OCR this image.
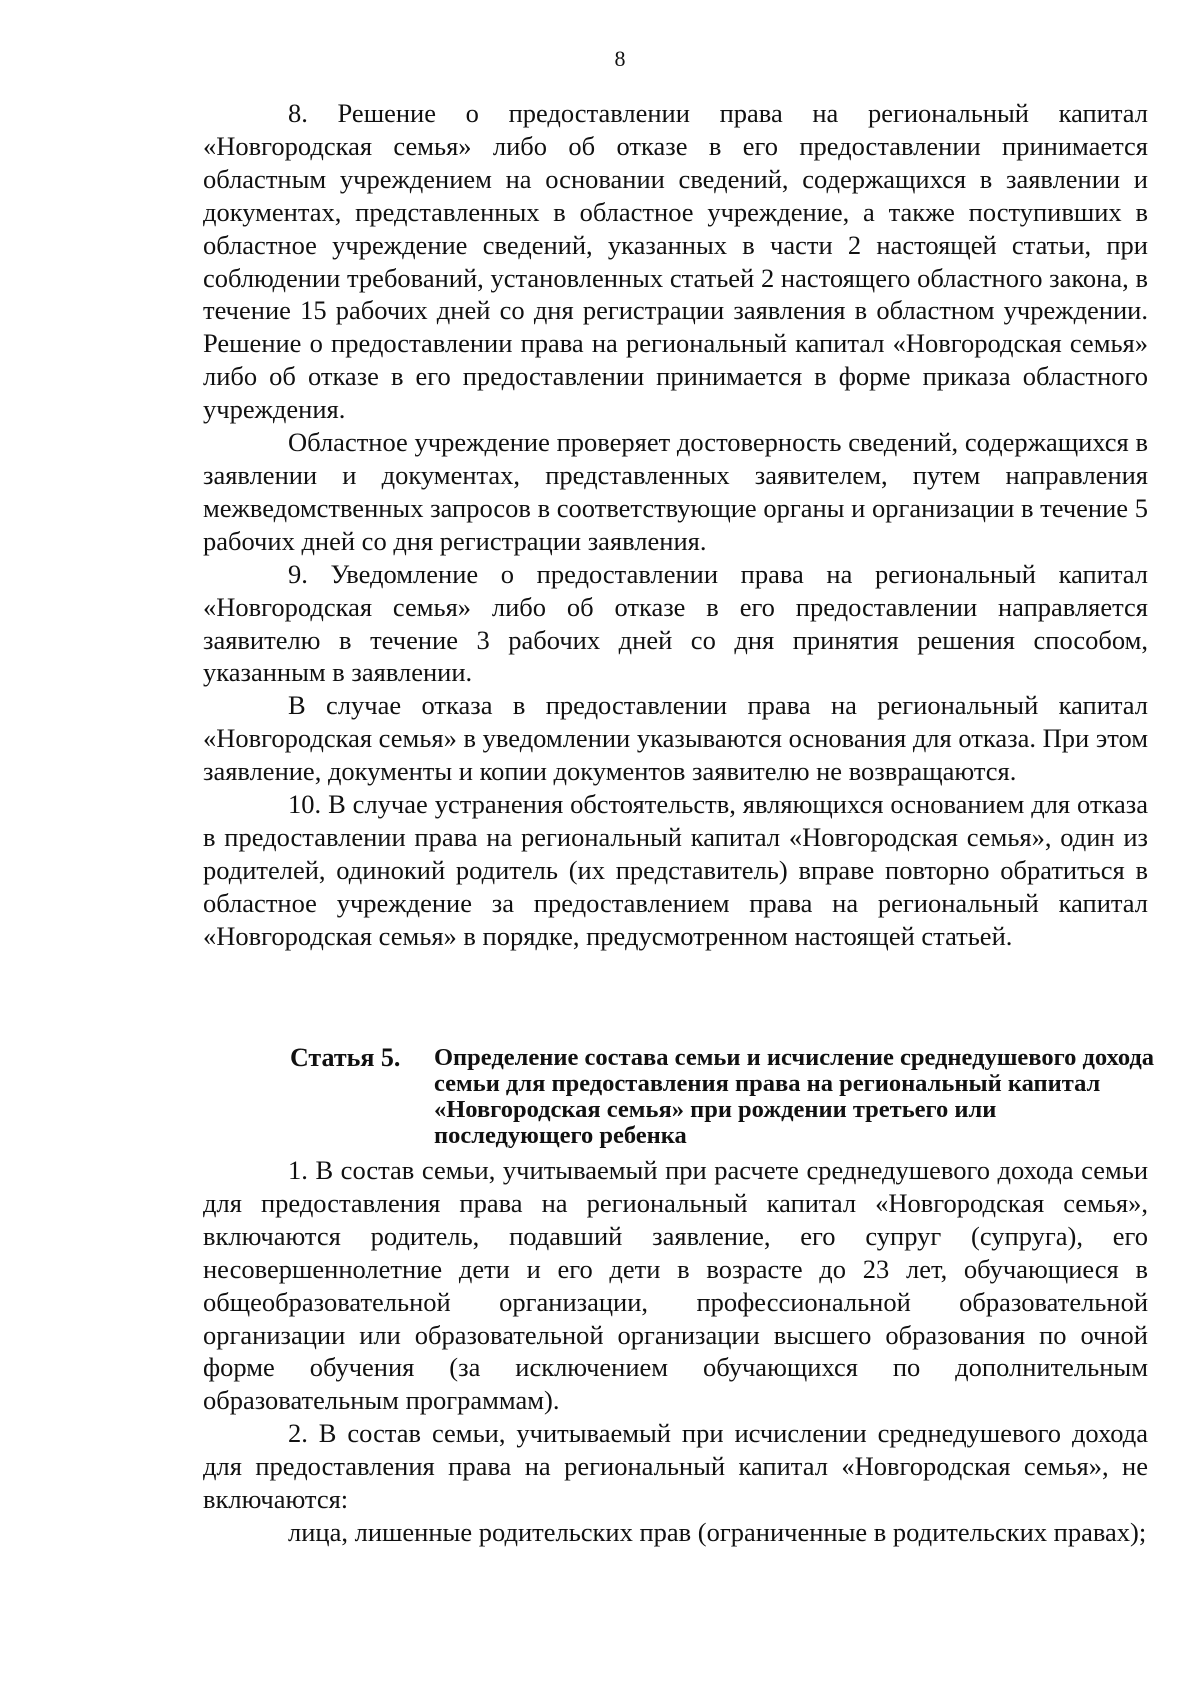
8

8. Решение о предоставлении права на региональный капитал «Новгородская семья» либо об отказе в его предоставлении принимается областным учреждением на основании сведений, содержащихся в заявлении и документах, представленных в областное учреждение, а также поступивших в областное учреждение сведений, указанных в части 2 настоящей статьи, при соблюдении требований, установленных статьей 2 настоящего областного закона, в течение 15 рабочих дней со дня регистрации заявления в областном учреждении. Решение о предоставлении права на региональный капитал «Новгородская семья» либо об отказе в его предоставлении принимается в форме приказа областного учреждения.

Областное учреждение проверяет достоверность сведений, содержащихся в заявлении и документах, представленных заявителем, путем направления межведомственных запросов в соответствующие органы и организации в течение 5 рабочих дней со дня регистрации заявления.

9. Уведомление о предоставлении права на региональный капитал «Новгородская семья» либо об отказе в его предоставлении направляется заявителю в течение 3 рабочих дней со дня принятия решения способом, указанным в заявлении.

В случае отказа в предоставлении права на региональный капитал «Новгородская семья» в уведомлении указываются основания для отказа. При этом заявление, документы и копии документов заявителю не возвращаются.

10. В случае устранения обстоятельств, являющихся основанием для отказа в предоставлении права на региональный капитал «Новгородская семья», один из родителей, одинокий родитель (их представитель) вправе повторно обратиться в областное учреждение за предоставлением права на региональный капитал «Новгородская семья» в порядке, предусмотренном настоящей статьей.

Статья 5.	Определение состава семьи и исчисление среднедушевого дохода семьи для предоставления права на региональный капитал «Новгородская семья» при рождении третьего или последующего ребенка

1. В состав семьи, учитываемый при расчете среднедушевого дохода семьи для предоставления права на региональный капитал «Новгородская семья», включаются родитель, подавший заявление, его супруг (супруга), его несовершеннолетние дети и его дети в возрасте до 23 лет, обучающиеся в общеобразовательной организации, профессиональной образовательной организации или образовательной организации высшего образования по очной форме обучения (за исключением обучающихся по дополнительным образовательным программам).

2. В состав семьи, учитываемый при исчислении среднедушевого дохода для предоставления права на региональный капитал «Новгородская семья», не включаются:

лица, лишенные родительских прав (ограниченные в родительских правах);
